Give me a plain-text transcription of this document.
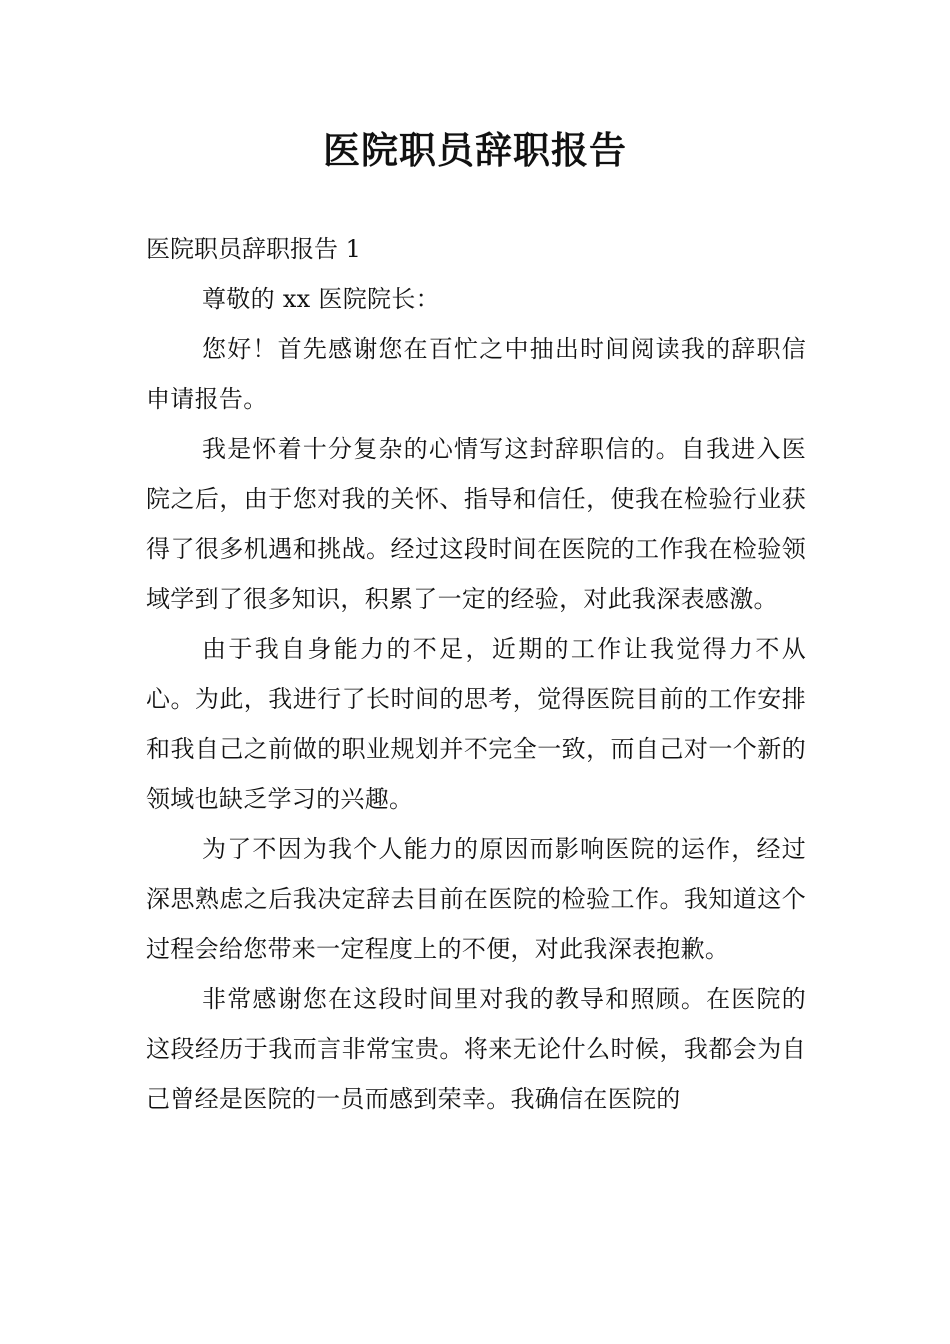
医院职员辞职报告

医院职员辞职报告 1

尊敬的 xx 医院院长：

您好！首先感谢您在百忙之中抽出时间阅读我的辞职信申请报告。

我是怀着十分复杂的心情写这封辞职信的。自我进入医院之后，由于您对我的关怀、指导和信任，使我在检验行业获得了很多机遇和挑战。经过这段时间在医院的工作我在检验领域学到了很多知识，积累了一定的经验，对此我深表感激。

由于我自身能力的不足，近期的工作让我觉得力不从心。为此，我进行了长时间的思考，觉得医院目前的工作安排和我自己之前做的职业规划并不完全一致，而自己对一个新的领域也缺乏学习的兴趣。

为了不因为我个人能力的原因而影响医院的运作，经过深思熟虑之后我决定辞去目前在医院的检验工作。我知道这个过程会给您带来一定程度上的不便，对此我深表抱歉。

非常感谢您在这段时间里对我的教导和照顾。在医院的这段经历于我而言非常宝贵。将来无论什么时候，我都会为自己曾经是医院的一员而感到荣幸。我确信在医院的
